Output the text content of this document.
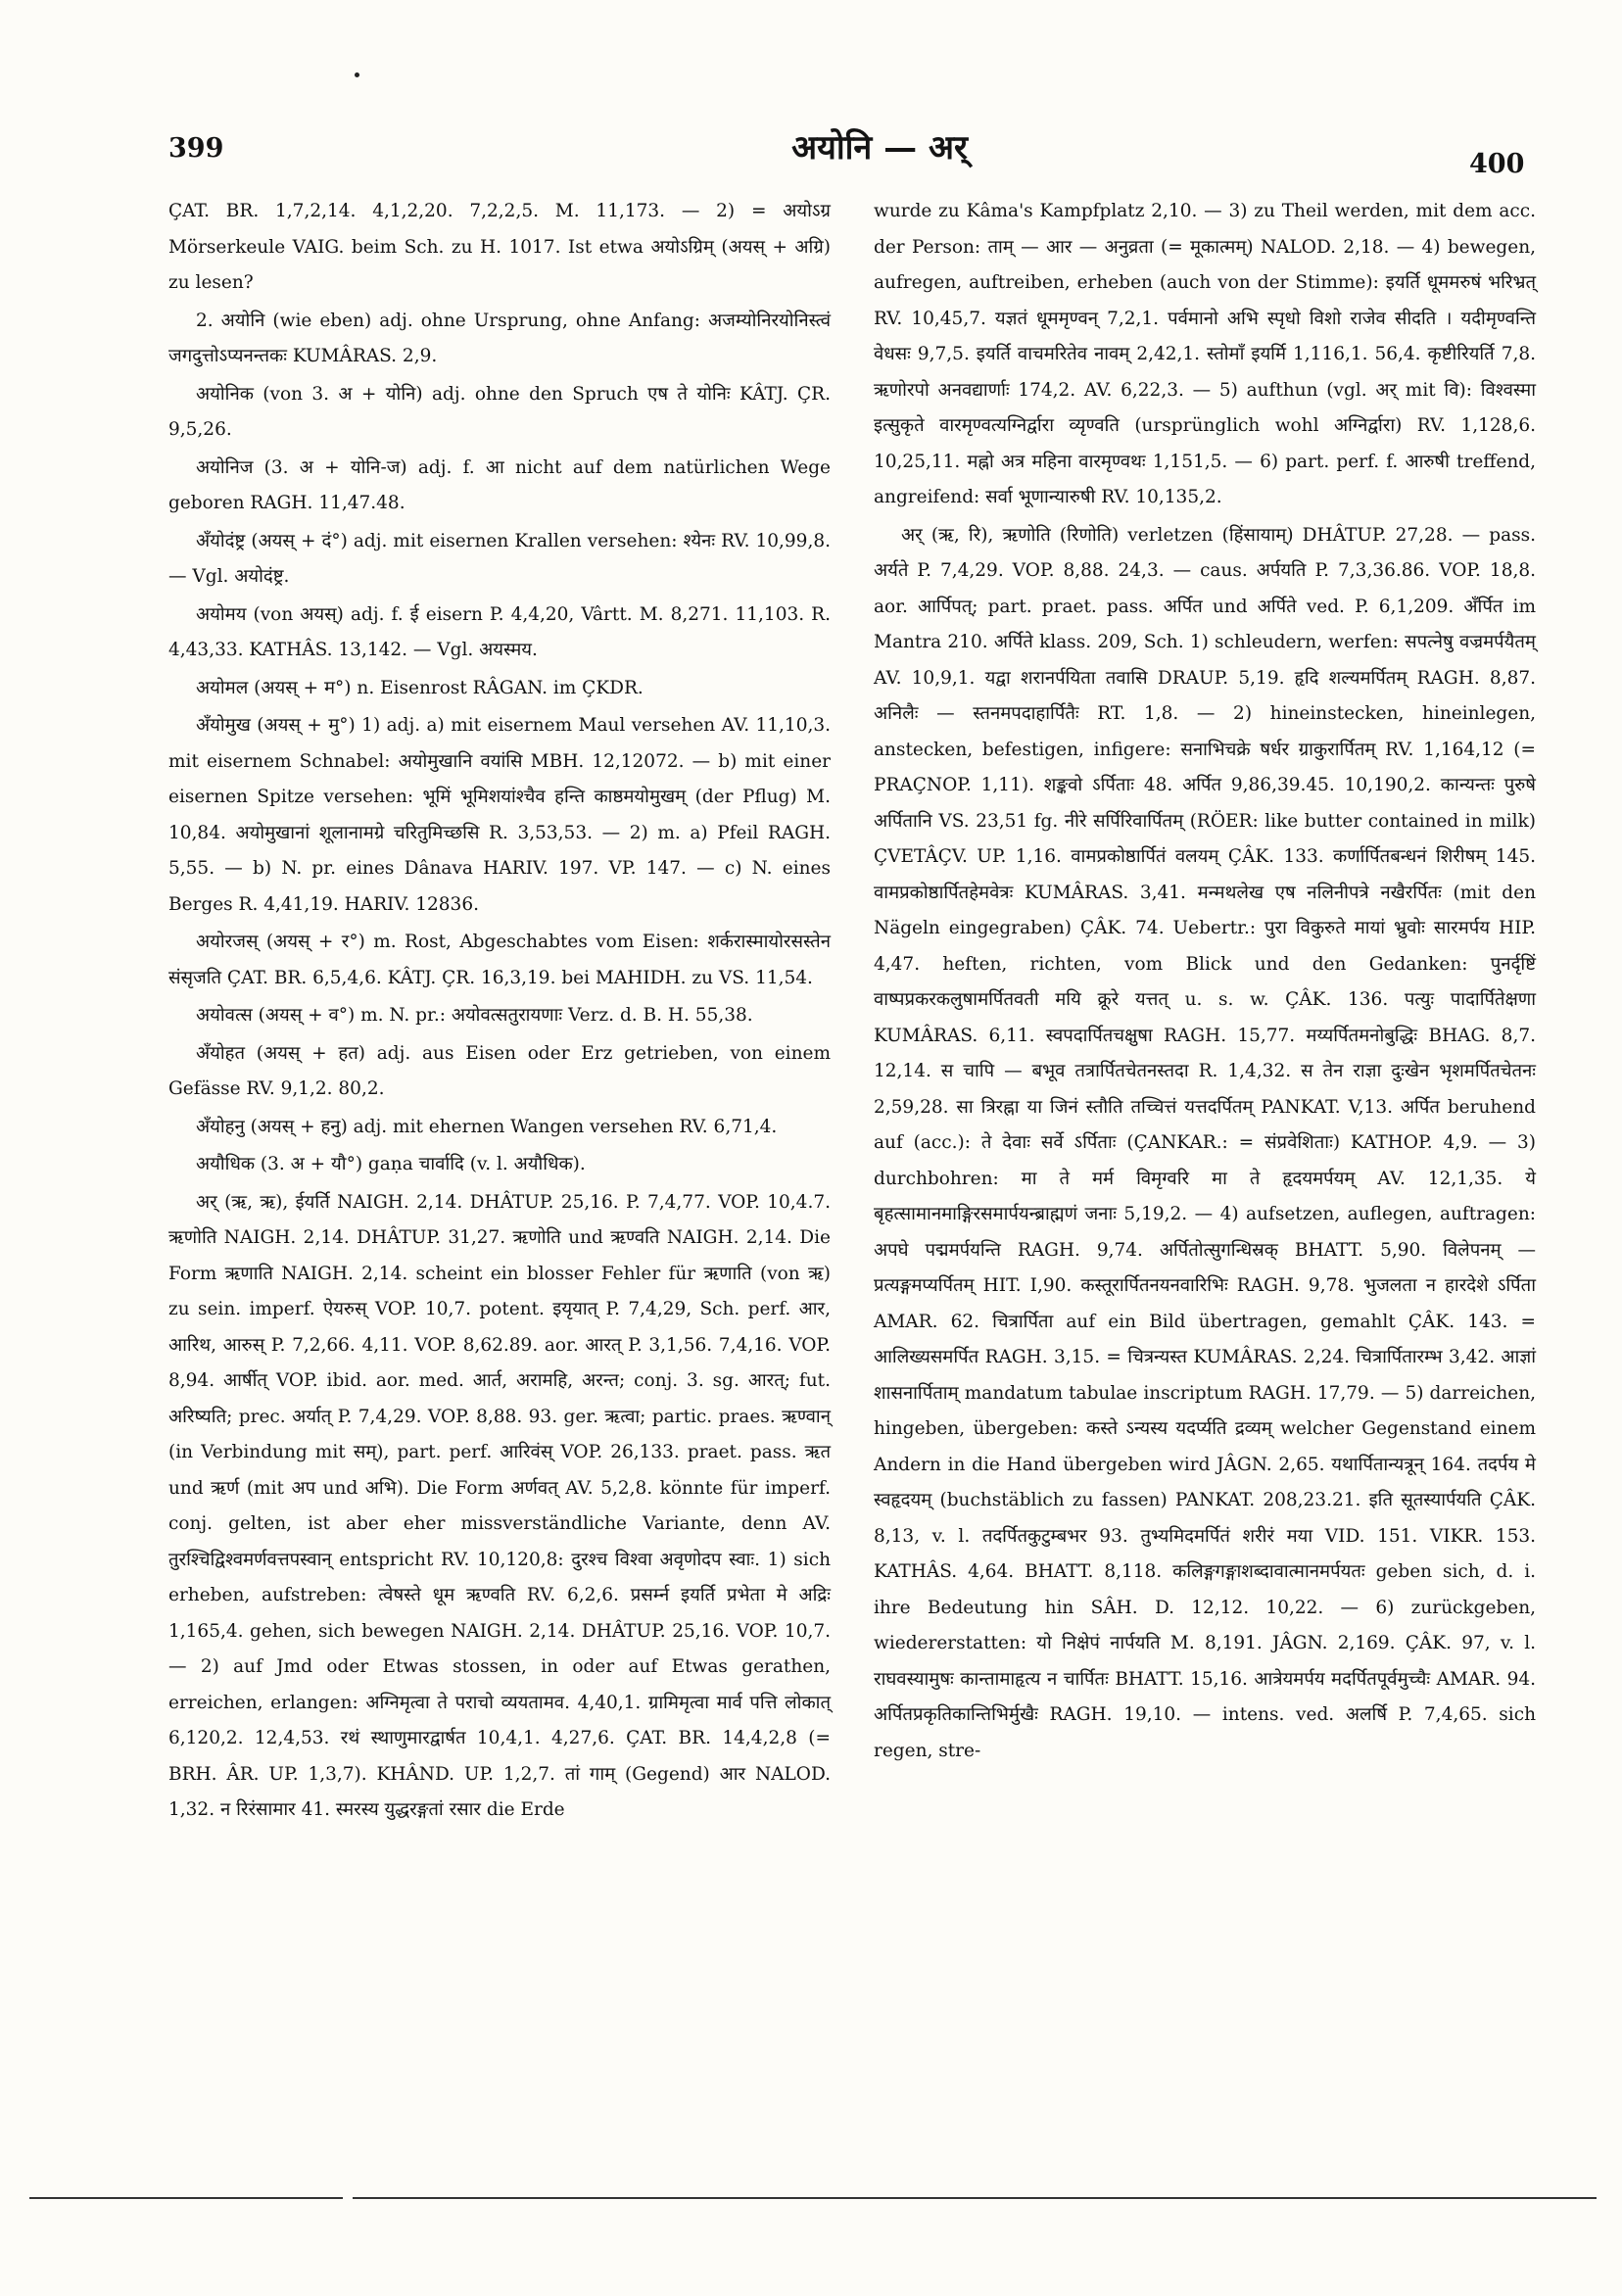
399	अयोनि — अर्	400

ÇAT. BR. 1,7,2,14. 4,1,2,20. 7,2,2,5. M. 11,173. — 2) = अयोऽग्र Mörserkeule VAIG. beim Sch. zu H. 1017. Ist etwa अयोऽग्रिम् (अयस् + अग्रि) zu lesen?

2. अयोनि (wie eben) adj. ohne Ursprung, ohne Anfang: अजम्योनिरयोनिस्त्वं जगदुत्तोऽप्यनन्तकः KUMÂRAS. 2,9.

अयोनिक (von 3. अ + योनि) adj. ohne den Spruch एष ते योनिः KÂTJ. ÇR. 9,5,26.

अयोनिज (3. अ + योनि-ज) adj. f. आ nicht auf dem natürlichen Wege geboren RAGH. 11,47.48.

अँयोदंष्ट्र (अयस् + दं°) adj. mit eisernen Krallen versehen: श्येनः RV. 10,99,8. — Vgl. अयोदंष्ट्र.

अयोमय (von अयस्) adj. f. ई eisern P. 4,4,20, Vârtt. M. 8,271. 11,103. R. 4,43,33. KATHÂS. 13,142. — Vgl. अयस्मय.

अयोमल (अयस् + म°) n. Eisenrost RÂGAN. im ÇKDR.

अँयोमुख (अयस् + मु°) 1) adj. a) mit eisernem Maul versehen AV. 11,10,3. mit eisernem Schnabel: अयोमुखानि वयांसि MBH. 12,12072. — b) mit einer eisernen Spitze versehen: भूमिं भूमिशयांश्चैव हन्ति काष्ठमयोमुखम् (der Pflug) M. 10,84. अयोमुखानां शूलानामग्रे चरितुमिच्छसि R. 3,53,53. — 2) m. a) Pfeil RAGH. 5,55. — b) N. pr. eines Dânava HARIV. 197. VP. 147. — c) N. eines Berges R. 4,41,19. HARIV. 12836.

अयोरजस् (अयस् + र°) m. Rost, Abgeschabtes vom Eisen: शर्करास्मायोरसस्तेन संसृजति ÇAT. BR. 6,5,4,6. KÂTJ. ÇR. 16,3,19. bei MAHIDH. zu VS. 11,54.

अयोवत्स (अयस् + व°) m. N. pr.: अयोवत्सतुरायणाः Verz. d. B. H. 55,38.

अँयोहत (अयस् + हत) adj. aus Eisen oder Erz getrieben, von einem Gefässe RV. 9,1,2. 80,2.

अँयोहनु (अयस् + हनु) adj. mit ehernen Wangen versehen RV. 6,71,4.

अयौधिक (3. अ + यौ°) gaṇa चार्वादि (v. l. अयौधिक).

अर् (ऋ, ऋ), ईयर्ति NAIGH. 2,14. DHÂTUP. 25,16. P. 7,4,77. VOP. 10,4.7. ऋणोति NAIGH. 2,14. DHÂTUP. 31,27. ऋणोति und ऋण्वति NAIGH. 2,14. Die Form ऋणाति NAIGH. 2,14. scheint ein blosser Fehler für ऋणाति (von ऋ) zu sein. imperf. ऐयरुस् VOP. 10,7. potent. इयृयात् P. 7,4,29, Sch. perf. आर, आरिथ, आरुस् P. 7,2,66. 4,11. VOP. 8,62.89. aor. आरत् P. 3,1,56. 7,4,16. VOP. 8,94. आर्षीत् VOP. ibid. aor. med. आर्त, अरामहि, अरन्त; conj. 3. sg. आरत्; fut. अरिष्यति; prec. अर्यात् P. 7,4,29. VOP. 8,88. 93. ger. ऋत्वा; partic. praes. ऋण्वान् (in Verbindung mit सम्), part. perf. आरिवंस् VOP. 26,133. praet. pass. ऋत und ऋर्ण (mit अप und अभि). Die Form अर्णवत् AV. 5,2,8. könnte für imperf. conj. gelten, ist aber eher missverständliche Variante, denn AV. तुरश्चिद्विश्वमर्णवत्तपस्वान् entspricht RV. 10,120,8: दुरश्च विश्वा अवृणोदप स्वाः. 1) sich erheben, aufstreben: त्वेषस्ते धूम ऋण्वति RV. 6,2,6. प्रसर्म्न इयर्ति प्रभेता मे अद्रिः 1,165,4. gehen, sich bewegen NAIGH. 2,14. DHÂTUP. 25,16. VOP. 10,7. — 2) auf Jmd oder Etwas stossen, in oder auf Etwas gerathen, erreichen, erlangen: अग्निमृत्वा ते पराचो व्ययतामव. 4,40,1. ग्रामिमृत्वा मार्व पत्ति लोकात् 6,120,2. 12,4,53. रथं स्थाणुमारद्वार्षत 10,4,1. 4,27,6. ÇAT. BR. 14,4,2,8 (= BRH. ÂR. UP. 1,3,7). KHÂND. UP. 1,2,7. तां गाम् (Gegend) आर NALOD. 1,32. न रिरंसामार 41. स्मरस्य युद्धरङ्गतां रसार die Erde

wurde zu Kâma's Kampfplatz 2,10. — 3) zu Theil werden, mit dem acc. der Person: ताम् — आर — अनुव्रता (= मूकात्मम्) NALOD. 2,18. — 4) bewegen, aufregen, auftreiben, erheben (auch von der Stimme): इयर्ति धूममरुषं भरिभ्रत् RV. 10,45,7. यज्ञतं धूममृण्वन् 7,2,1. पर्वमानो अभि स्पृधो विशो राजेव सीदति । यदीमृण्वन्ति वेधसः 9,7,5. इयर्ति वाचमरितेव नावम् 2,42,1. स्तोमाँ इयर्मि 1,116,1. 56,4. कृष्टीरियर्ति 7,8. ऋणोरपो अनवद्यार्णाः 174,2. AV. 6,22,3. — 5) aufthun (vgl. अर् mit वि): विश्वस्मा इत्सुकृते वारमृण्वत्यग्निर्द्वारा व्यृण्वति (ursprünglich wohl अग्निर्द्वारा) RV. 1,128,6. 10,25,11. मह्नो अत्र महिना वारमृण्वथः 1,151,5. — 6) part. perf. f. आरुषी treffend, angreifend: सर्वा भूणान्यारुषी RV. 10,135,2.

अर् (ऋ, रि), ऋणोति (रिणोति) verletzen (हिंसायाम्) DHÂTUP. 27,28. — pass. अर्यते P. 7,4,29. VOP. 8,88. 24,3. — caus. अर्पयति P. 7,3,36.86. VOP. 18,8. aor. आर्पिपत्; part. praet. pass. अर्पित und अर्पिते ved. P. 6,1,209. अँर्पित im Mantra 210. अर्पिते klass. 209, Sch. 1) schleudern, werfen: सपत्नेषु वज्रमर्पयैतम् AV. 10,9,1. यद्वा शरानर्पयिता तवासि DRAUP. 5,19. हृदि शल्यमर्पितम् RAGH. 8,87. अनिलैः — स्तनमपदाहार्पितैः RT. 1,8. — 2) hineinstecken, hineinlegen, anstecken, befestigen, infigere: सनाभिचक्रे षर्धर ग्राकुरार्पितम् RV. 1,164,12 (= PRAÇNOP. 1,11). शङ्कवो ऽर्पिताः 48. अर्पित 9,86,39.45. 10,190,2. कान्यन्तः पुरुषे अर्पितानि VS. 23,51 fg. नीरे सर्पिरिवार्पितम् (RÖER: like butter contained in milk) ÇVETÂÇV. UP. 1,16. वामप्रकोष्ठार्पितं वलयम् ÇÂK. 133. कर्णार्पितबन्धनं शिरीषम् 145. वामप्रकोष्ठार्पितहेमवेत्रः KUMÂRAS. 3,41. मन्मथलेख एष नलिनीपत्रे नखैरर्पितः (mit den Nägeln eingegraben) ÇÂK. 74. Uebertr.: पुरा विकुरुते मायां भ्रुवोः सारमर्पय HIP. 4,47. heften, richten, vom Blick und den Gedanken: पुनर्दृष्टिं वाष्पप्रकरकलुषामर्पितवती मयि क्रूरे यत्तत् u. s. w. ÇÂK. 136. पत्युः पादार्पितेक्षणा KUMÂRAS. 6,11. स्वपदार्पितचक्षुषा RAGH. 15,77. मय्यर्पितमनोबुद्धिः BHAG. 8,7. 12,14. स चापि — बभूव तत्रार्पितचेतनस्तदा R. 1,4,32. स तेन राज्ञा दुःखेन भृशमर्पितचेतनः 2,59,28. सा त्रिरह्ना या जिनं स्तौति तच्चित्तं यत्तदर्पितम् PANKAT. V,13. अर्पित beruhend auf (acc.): ते देवाः सर्वे ऽर्पिताः (ÇANKAR.: = संप्रवेशिताः) KATHOP. 4,9. — 3) durchbohren: मा ते मर्म विमृग्वरि मा ते हृदयमर्पयम् AV. 12,1,35. ये बृहत्सामानमाङ्गिरसमार्पयन्ब्राह्मणं जनाः 5,19,2. — 4) aufsetzen, auflegen, auftragen: अपघे पद्ममर्पयन्ति RAGH. 9,74. अर्पितोत्सुगन्धिस्रक् BHATT. 5,90. विलेपनम् — प्रत्यङ्गमप्यर्पितम् HIT. I,90. कस्तूरार्पितनयनवारिभिः RAGH. 9,78. भुजलता न हारदेशे ऽर्पिता AMAR. 62. चित्रार्पिता auf ein Bild übertragen, gemahlt ÇÂK. 143. = आलिख्यसमर्पित RAGH. 3,15. = चित्रन्यस्त KUMÂRAS. 2,24. चित्रार्पितारम्भ 3,42. आज्ञां शासनार्पिताम् mandatum tabulae inscriptum RAGH. 17,79. — 5) darreichen, hingeben, übergeben: कस्ते ऽन्यस्य यदर्प्यति द्रव्यम् welcher Gegenstand einem Andern in die Hand übergeben wird JÂGN. 2,65. यथार्पितान्यत्रून् 164. तदर्पय मे स्वहृदयम् (buchstäblich zu fassen) PANKAT. 208,23.21. इति सूतस्यार्पयति ÇÂK. 8,13, v. l. तदर्पितकुटुम्बभर 93. तुभ्यमिदमर्पितं शरीरं मया VID. 151. VIKR. 153. KATHÂS. 4,64. BHATT. 8,118. कलिङ्गगङ्गाशब्दावात्मानमर्पयतः geben sich, d. i. ihre Bedeutung hin SÂH. D. 12,12. 10,22. — 6) zurückgeben, wiedererstatten: यो निक्षेपं नार्पयति M. 8,191. JÂGN. 2,169. ÇÂK. 97, v. l. राघवस्यामुषः कान्तामाहृत्य न चार्पितः BHATT. 15,16. आत्रेयमर्पय मदर्पितपूर्वमुच्चैः AMAR. 94. अर्पितप्रकृतिकान्तिभिर्मुखैः RAGH. 19,10. — intens. ved. अलर्षि P. 7,4,65. sich regen, stre-
